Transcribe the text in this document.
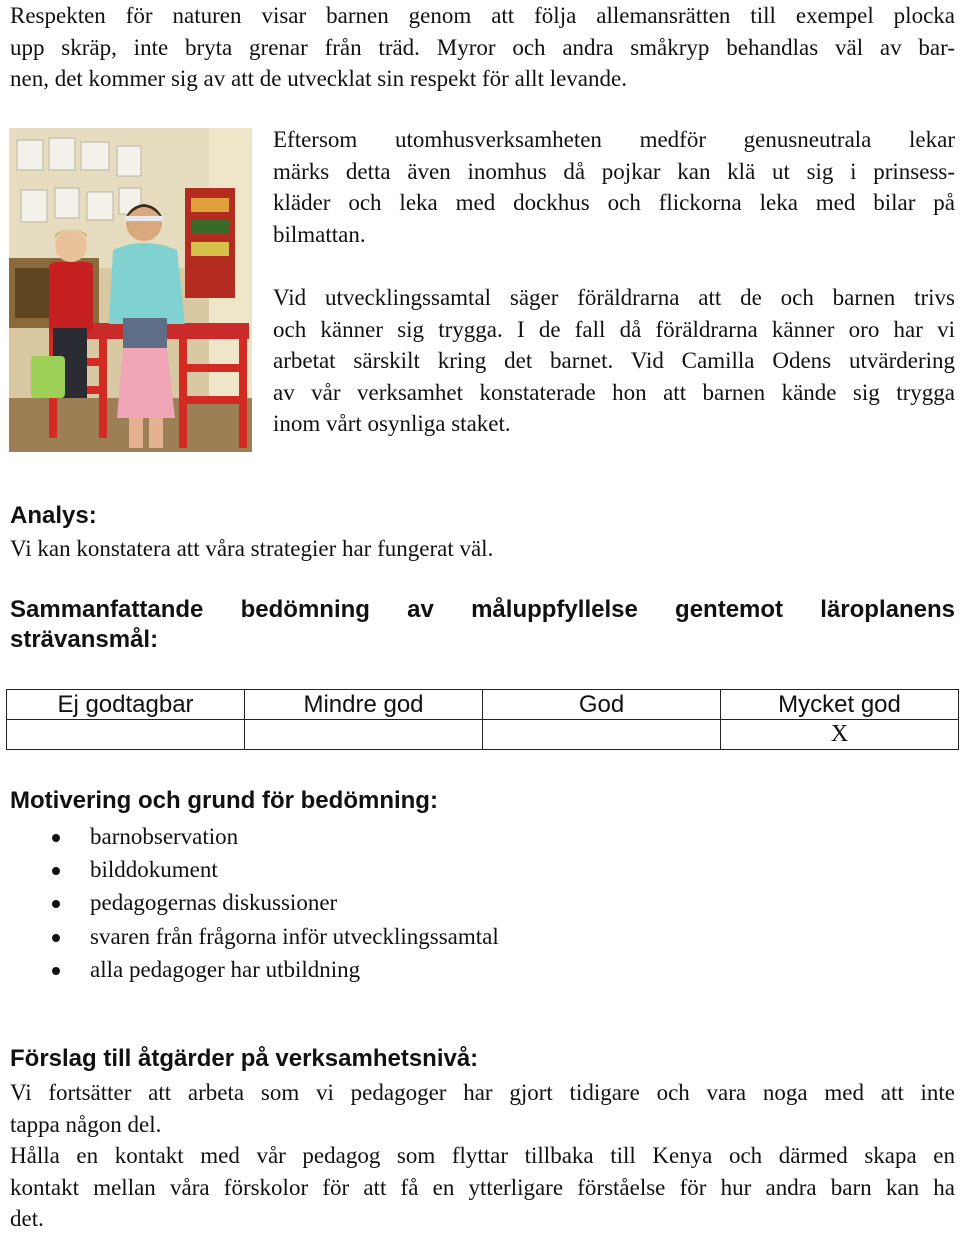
Respekten för naturen visar barnen genom att följa allemansrätten till exempel plocka

upp skräp, inte bryta grenar från träd. Myror och andra småkryp behandlas väl av bar-

nen, det kommer sig av att de utvecklat sin respekt för allt levande.

Eftersom utomhusverksamheten medför genusneutrala lekar

märks detta även inomhus då pojkar kan klä ut sig i prinsess-

kläder och leka med dockhus och flickorna leka med bilar på

bilmattan.

Vid utvecklingssamtal säger föräldrarna att de och barnen trivs

och känner sig trygga. I de fall då föräldrarna känner oro har vi

arbetat särskilt kring det barnet. Vid Camilla Odens utvärdering

av vår verksamhet konstaterade hon att barnen kände sig trygga

inom vårt osynliga staket.

Analys:

Vi kan konstatera att våra strategier har fungerat väl.

Sammanfattande bedömning av måluppfyllelse gentemot läroplanens
strävansmål:
Ej godtagbar	Mindre god	God	Mycket god
			X
Motivering och grund för bedömning:
barnobservation
bilddokument
pedagogernas diskussioner
svaren från frågorna inför utvecklingssamtal
alla pedagoger har utbildning
Förslag till åtgärder på verksamhetsnivå:

Vi fortsätter att arbeta som vi pedagoger har gjort tidigare och vara noga med att inte

tappa någon del.

Hålla en kontakt med vår pedagog som flyttar tillbaka till Kenya och därmed skapa en

kontakt mellan våra förskolor för att få en ytterligare förståelse för hur andra barn kan ha

det.
